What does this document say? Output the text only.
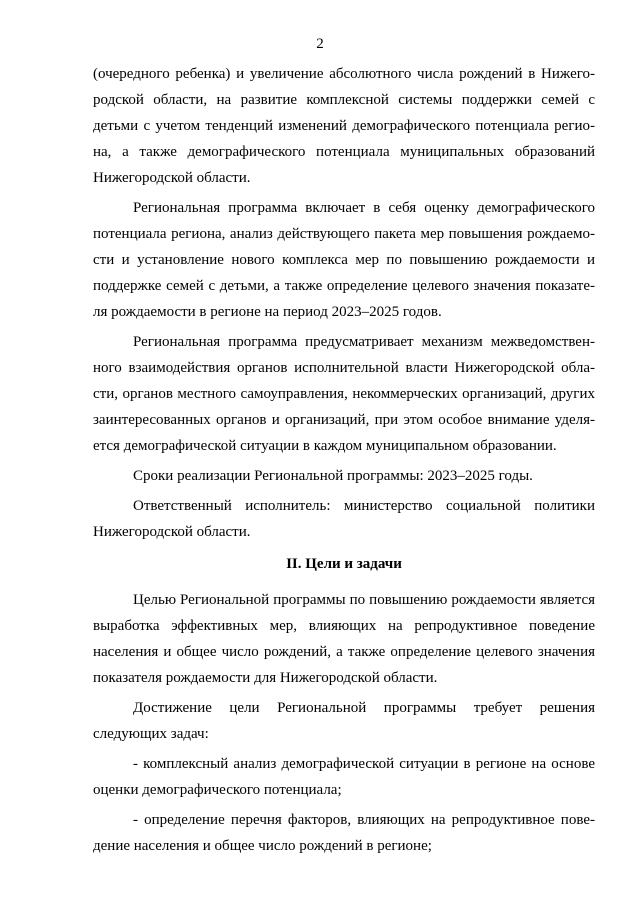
2
(очередного ребенка) и увеличение абсолютного числа рождений в Нижего-
родской области, на развитие комплексной системы поддержки семей с
детьми с учетом тенденций изменений демографического потенциала регио-
на, а также демографического потенциала муниципальных образований
Нижегородской области.
Региональная программа включает в себя оценку демографического
потенциала региона, анализ действующего пакета мер повышения рождаемо-
сти и установление нового комплекса мер по повышению рождаемости и
поддержке семей с детьми, а также определение целевого значения показате-
ля рождаемости в регионе на период 2023–2025 годов.
Региональная программа предусматривает механизм межведомствен-
ного взаимодействия органов исполнительной власти Нижегородской обла-
сти, органов местного самоуправления, некоммерческих организаций, других
заинтересованных органов и организаций, при этом особое внимание уделя-
ется демографической ситуации в каждом муниципальном образовании.
Сроки реализации Региональной программы: 2023–2025 годы.
Ответственный исполнитель: министерство социальной политики
Нижегородской области.
II. Цели и задачи
Целью Региональной программы по повышению рождаемости является
выработка эффективных мер, влияющих на репродуктивное поведение
населения и общее число рождений, а также определение целевого значения
показателя рождаемости для Нижегородской области.
Достижение цели Региональной программы требует решения
следующих задач:
- комплексный анализ демографической ситуации в регионе на основе
оценки демографического потенциала;
- определение перечня факторов, влияющих на репродуктивное пове-
дение населения и общее число рождений в регионе;
